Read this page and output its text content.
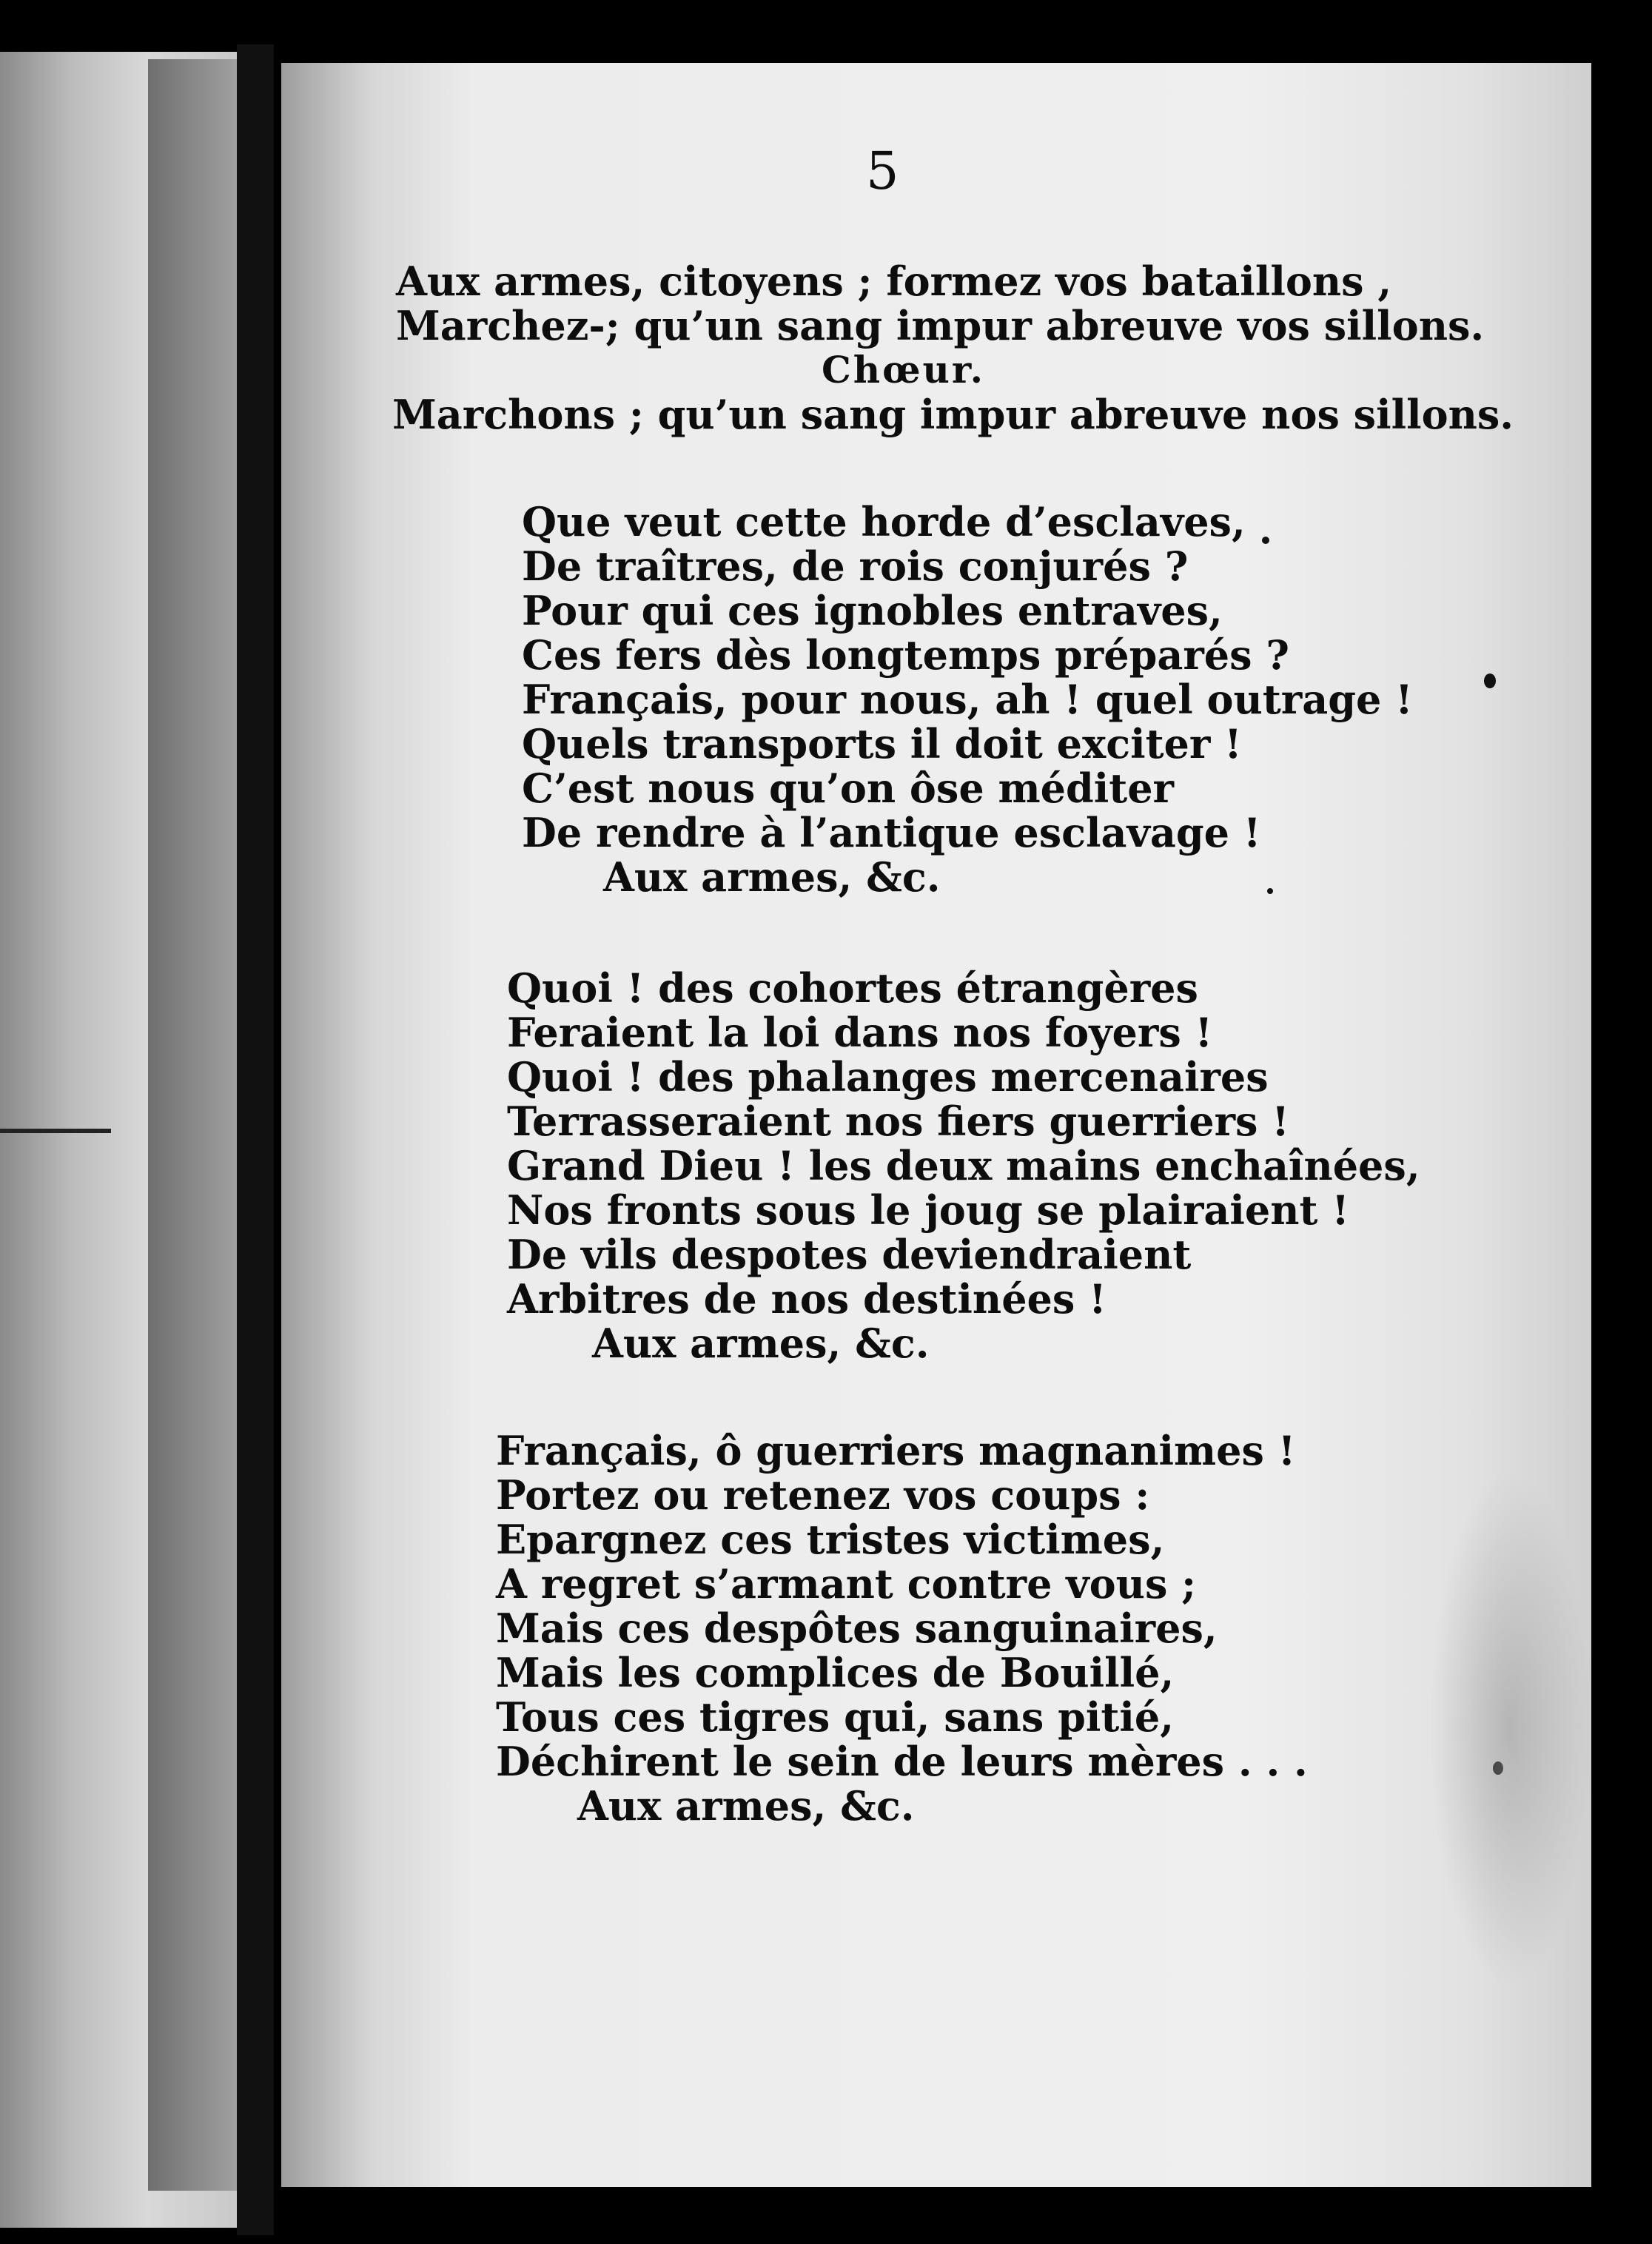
5

Aux armes, citoyens ; formez vos bataillons ,
Marchez-; qu’un sang impur abreuve vos sillons.

Chœur.

Marchons ; qu’un sang impur abreuve nos sillons.
Que veut cette horde d’esclaves,
De traîtres, de rois conjurés ?
Pour qui ces ignobles entraves,
Ces fers dès longtemps préparés ?
Français, pour nous, ah ! quel outrage !
Quels transports il doit exciter !
C’est nous qu’on ôse méditer
De rendre à l’antique esclavage !
Aux armes, &c.
Quoi ! des cohortes étrangères
Feraient la loi dans nos foyers !
Quoi ! des phalanges mercenaires
Terrasseraient nos fiers guerriers !
Grand Dieu ! les deux mains enchaînées,
Nos fronts sous le joug se plairaient !
De vils despotes deviendraient
Arbitres de nos destinées !
Aux armes, &c.
Français, ô guerriers magnanimes !
Portez ou retenez vos coups :
Epargnez ces tristes victimes,
A regret s’armant contre vous ;
Mais ces despôtes sanguinaires,
Mais les complices de Bouillé,
Tous ces tigres qui, sans pitié,
Déchirent le sein de leurs mères . . .
Aux armes, &c.
